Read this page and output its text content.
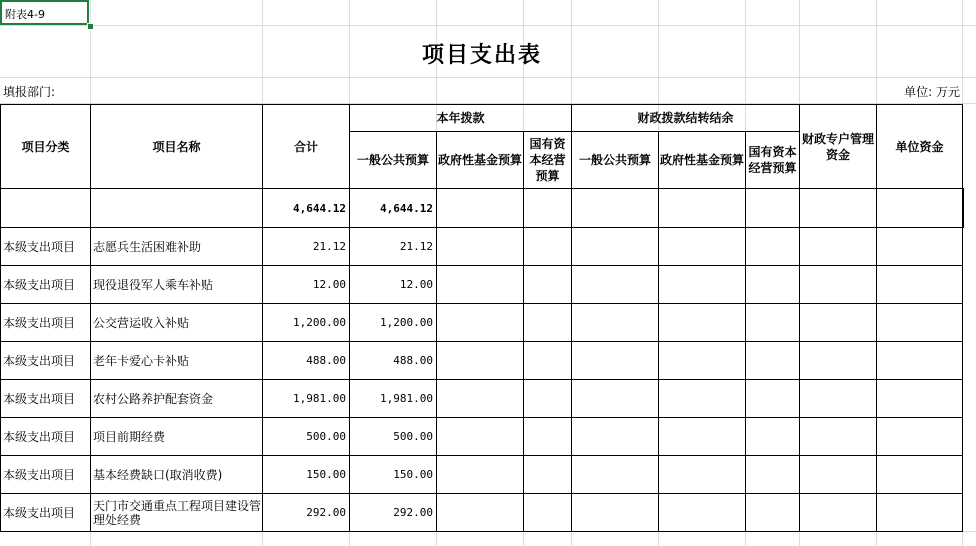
附表4-9
项目支出表
填报部门:	单位: 万元
项目分类	项目名称	合计	本年拨款			财政拨款结转结余			财政专户管理资金	单位资金	
			一般公共预算	政府性基金预算	国有资本经营预算	一般公共预算	政府性基金预算	国有资本经营预算			
		4,644.12	4,644.12								
本级支出项目	志愿兵生活困难补助	21.12	21.12								
本级支出项目	现役退役军人乘车补贴	12.00	12.00								
本级支出项目	公交营运收入补贴	1,200.00	1,200.00								
本级支出项目	老年卡爱心卡补贴	488.00	488.00								
本级支出项目	农村公路养护配套资金	1,981.00	1,981.00								
本级支出项目	项目前期经费	500.00	500.00								
本级支出项目	基本经费缺口(取消收费)	150.00	150.00								
本级支出项目	天门市交通重点工程项目建设管理处经费	292.00	292.00								
